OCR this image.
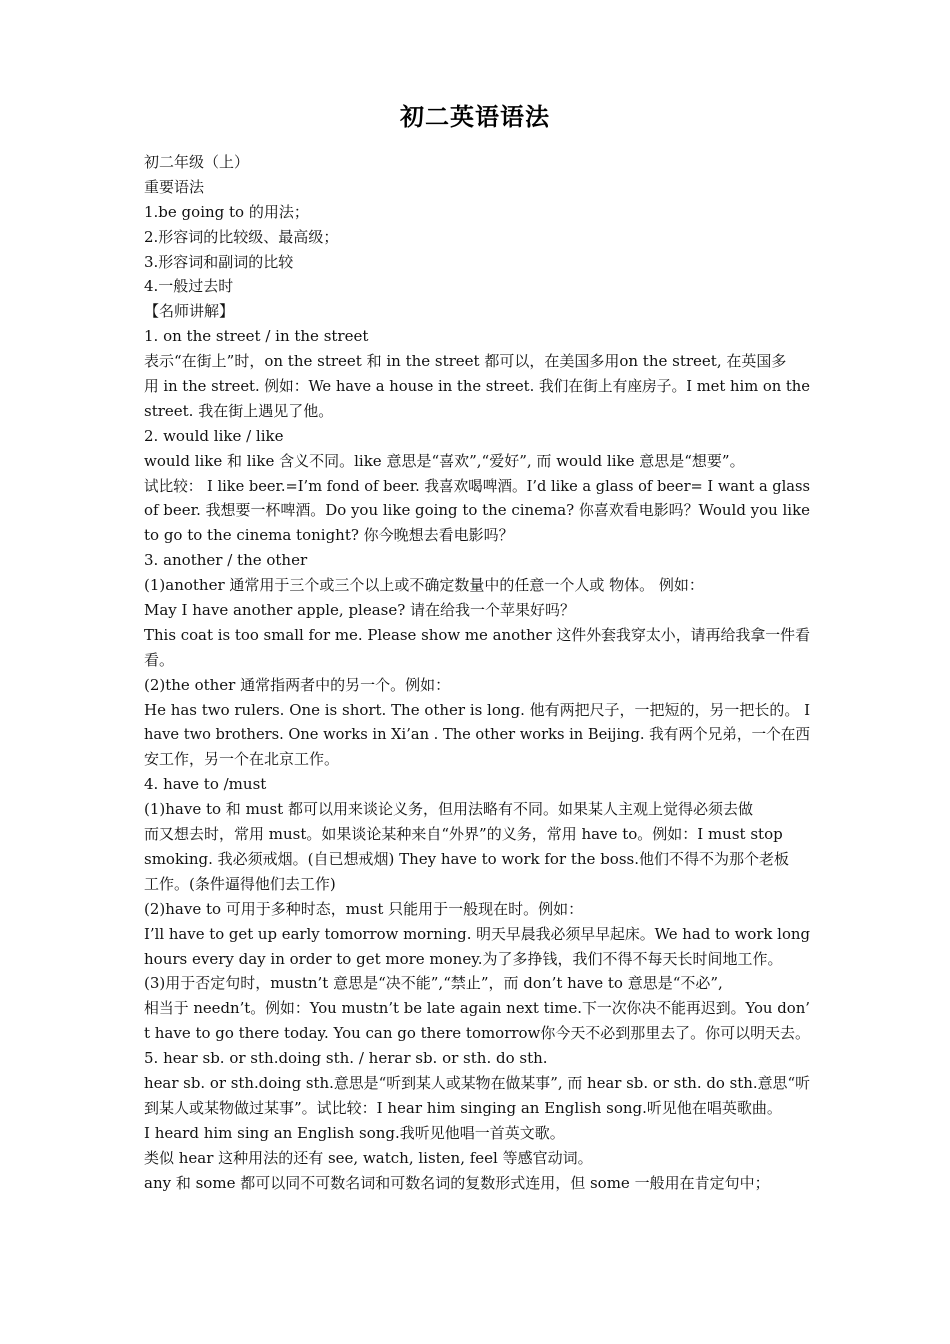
初二英语语法
初二年级（上）
重要语法
1.be going to 的用法；
2.形容词的比较级、最高级；
3.形容词和副词的比较
4.一般过去时
【名师讲解】
1. on the street / in the street
表示“在街上”时，on the street 和 in the street 都可以，在美国多用on the street, 在英国多
用 in the street. 例如：We have a house in the street. 我们在街上有座房子。I met him on the
street. 我在街上遇见了他。
2. would like / like
would like 和 like 含义不同。like 意思是“喜欢”,“爱好”, 而 would like 意思是“想要”。
试比较： I like beer.=I’m fond of beer. 我喜欢喝啤酒。I’d like a glass of beer= I want a glass
of beer. 我想要一杯啤酒。Do you like going to the cinema? 你喜欢看电影吗？Would you like
to go to the cinema tonight? 你今晚想去看电影吗？
3. another / the other
(1)another 通常用于三个或三个以上或不确定数量中的任意一个人或 物体。 例如：
May I have another apple, please? 请在给我一个苹果好吗？
This coat is too small for me. Please show me another 这件外套我穿太小，请再给我拿一件看
看。
(2)the other 通常指两者中的另一个。例如：
He has two rulers. One is short. The other is long. 他有两把尺子，一把短的，另一把长的。 I
have two brothers. One works in Xi’an . The other works in Beijing. 我有两个兄弟，一个在西
安工作，另一个在北京工作。
4. have to /must
(1)have to 和 must 都可以用来谈论义务，但用法略有不同。如果某人主观上觉得必须去做
而又想去时，常用 must。如果谈论某种来自“外界”的义务，常用 have to。例如：I must stop
smoking. 我必须戒烟。(自已想戒烟) They have to work for the boss.他们不得不为那个老板
工作。(条件逼得他们去工作)
(2)have to 可用于多种时态，must 只能用于一般现在时。例如：
I’ll have to get up early tomorrow morning. 明天早晨我必须早早起床。We had to work long
hours every day in order to get more money.为了多挣钱，我们不得不每天长时间地工作。
(3)用于否定句时，mustn’t 意思是“决不能”,“禁止”，而 don’t have to 意思是“不必”,
相当于 needn’t。例如：You mustn’t be late again next time.下一次你决不能再迟到。You don’
t have to go there today. You can go there tomorrow你今天不必到那里去了。你可以明天去。
5. hear sb. or sth.doing sth. / herar sb. or sth. do sth.
hear sb. or sth.doing sth.意思是“听到某人或某物在做某事”, 而 hear sb. or sth. do sth.意思“听
到某人或某物做过某事”。试比较：I hear him singing an English song.听见他在唱英歌曲。
I heard him sing an English song.我听见他唱一首英文歌。
类似 hear 这种用法的还有 see, watch, listen, feel 等感官动词。
any 和 some 都可以同不可数名词和可数名词的复数形式连用，但 some 一般用在肯定句中；
